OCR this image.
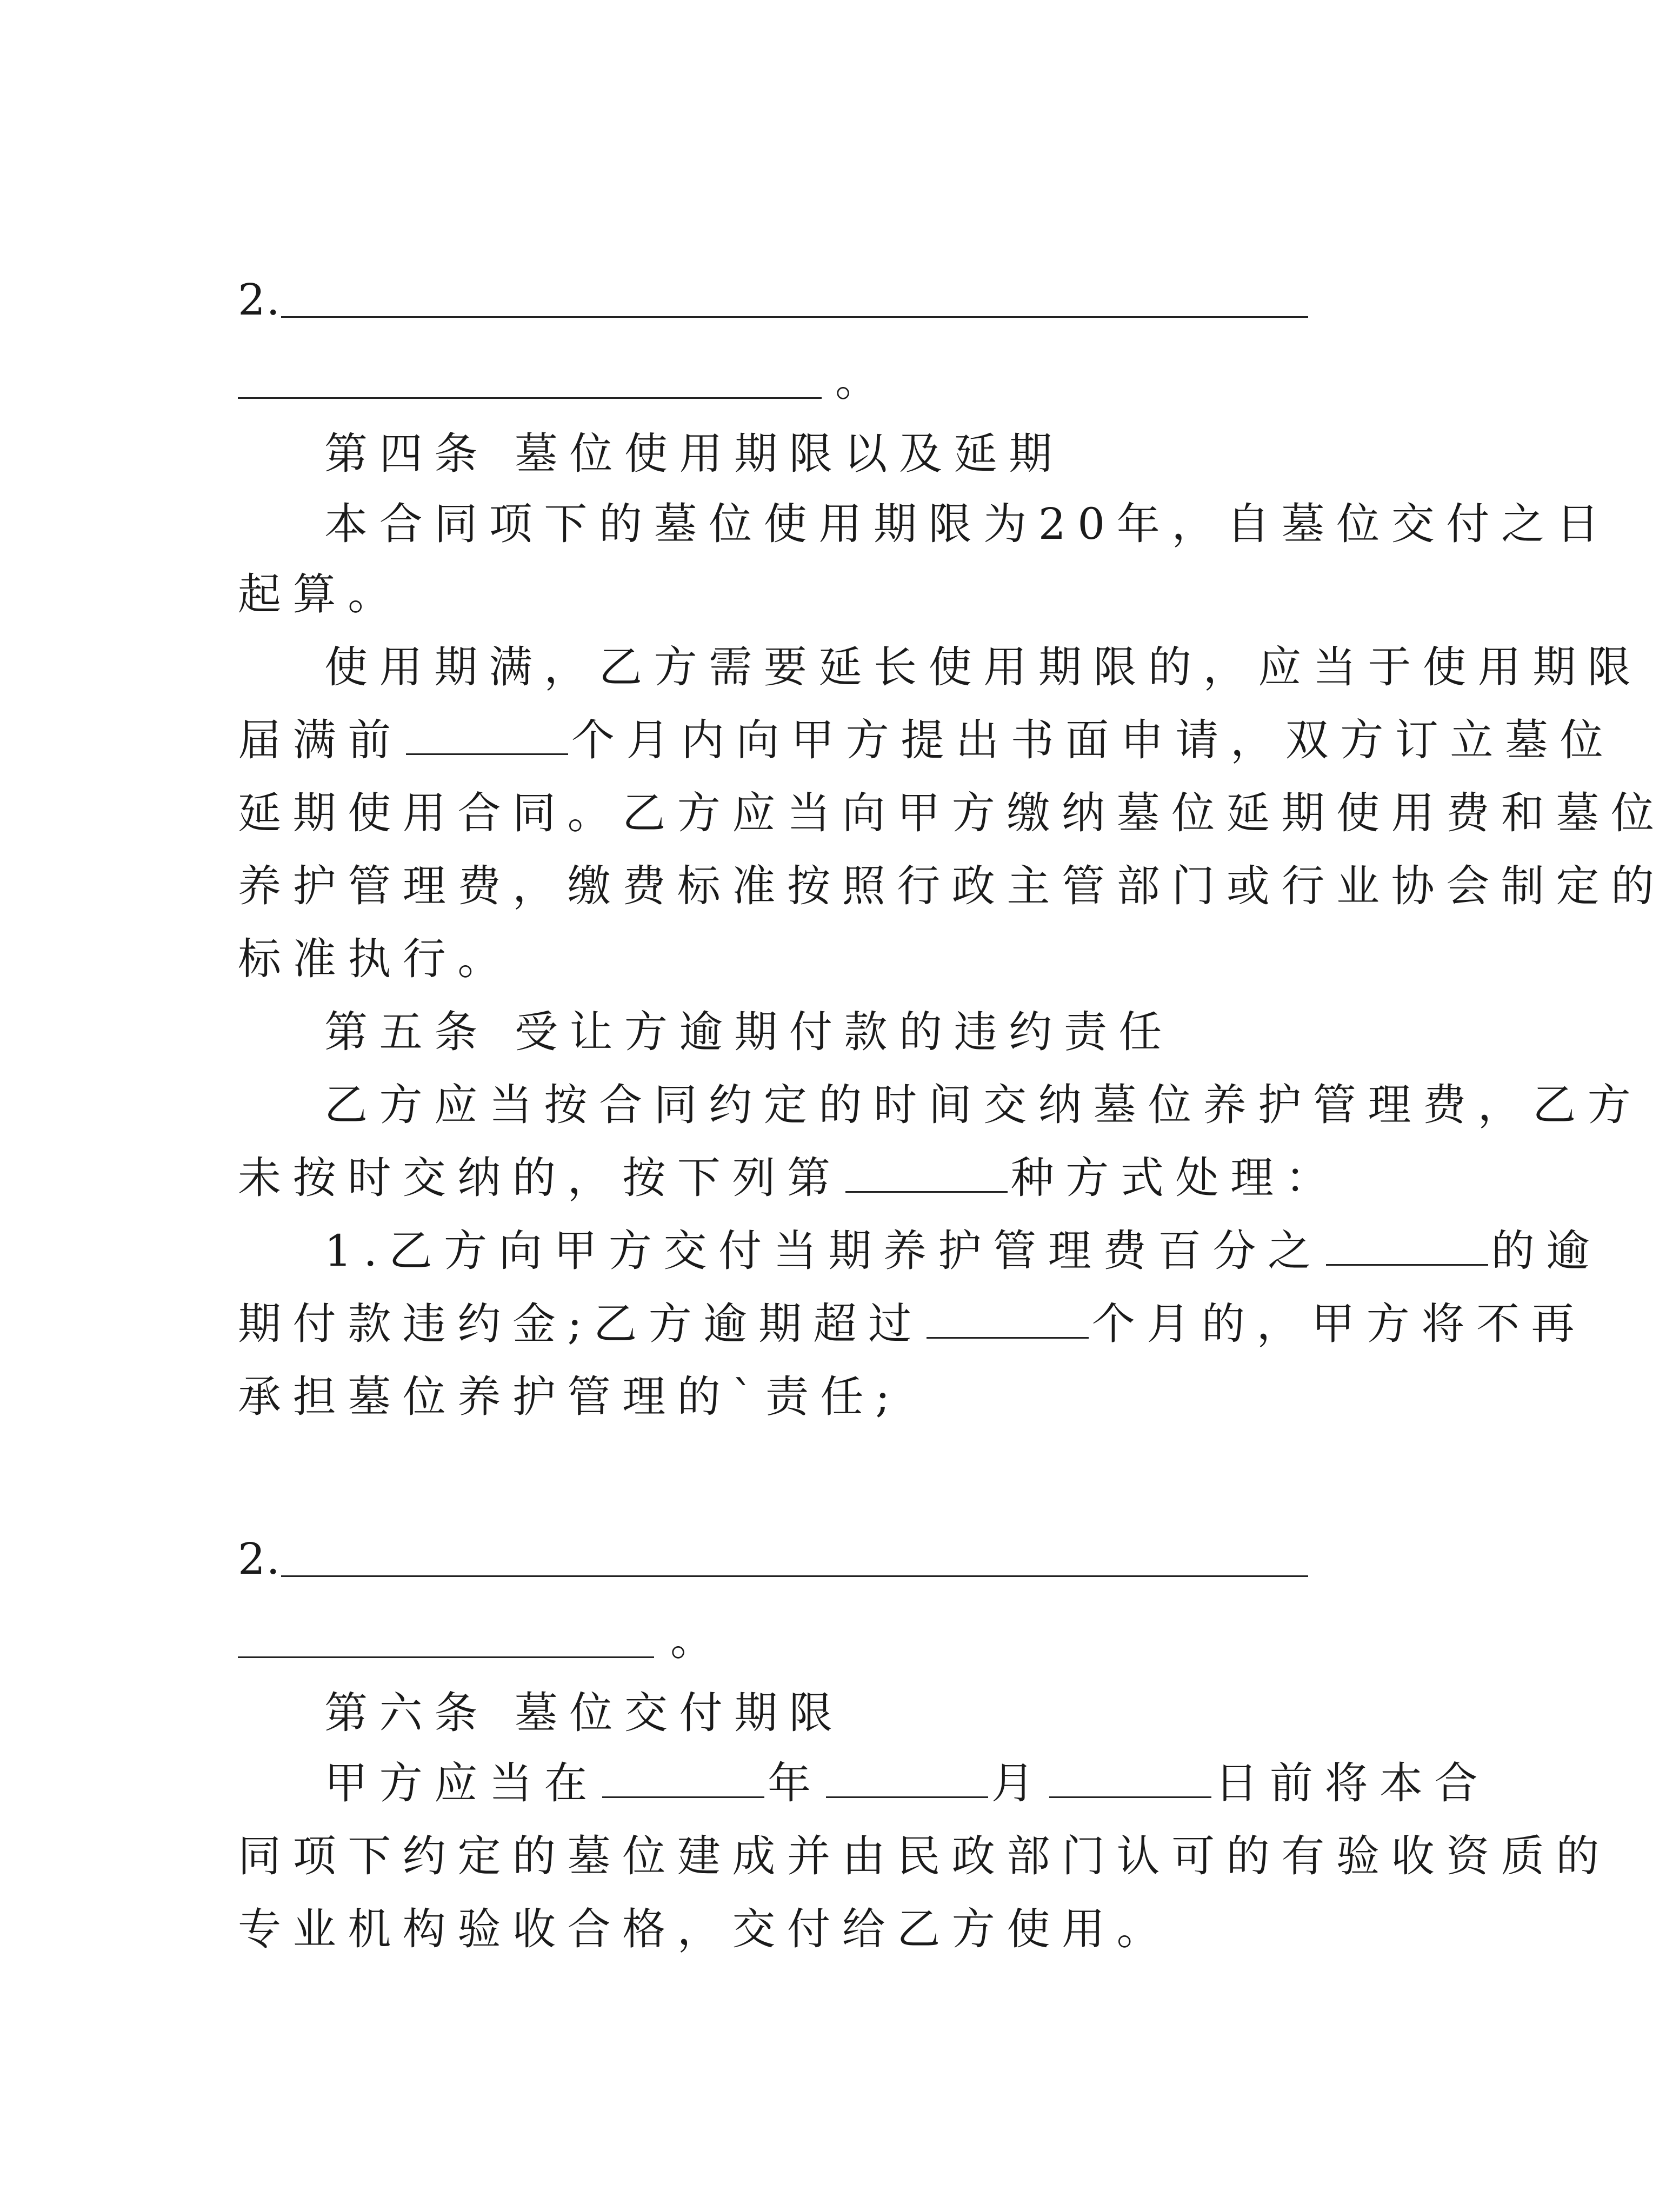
2.
。
第四条 墓位使用期限以及延期
本合同项下的墓位使用期限为20年，自墓位交付之日
起算。
使用期满，乙方需要延长使用期限的，应当于使用期限
届满前	个月内向甲方提出书面申请，双方订立墓位
延期使用合同。乙方应当向甲方缴纳墓位延期使用费和墓位
养护管理费，缴费标准按照行政主管部门或行业协会制定的
标准执行。
第五条 受让方逾期付款的违约责任
乙方应当按合同约定的时间交纳墓位养护管理费，乙方
未按时交纳的，按下列第	种方式处理：
1.乙方向甲方交付当期养护管理费百分之	的逾
期付款违约金;乙方逾期超过	个月的，甲方将不再
承担墓位养护管理的`责任;
2.
。
第六条 墓位交付期限
甲方应当在	年	月	日前将本合
同项下约定的墓位建成并由民政部门认可的有验收资质的
专业机构验收合格，交付给乙方使用。
